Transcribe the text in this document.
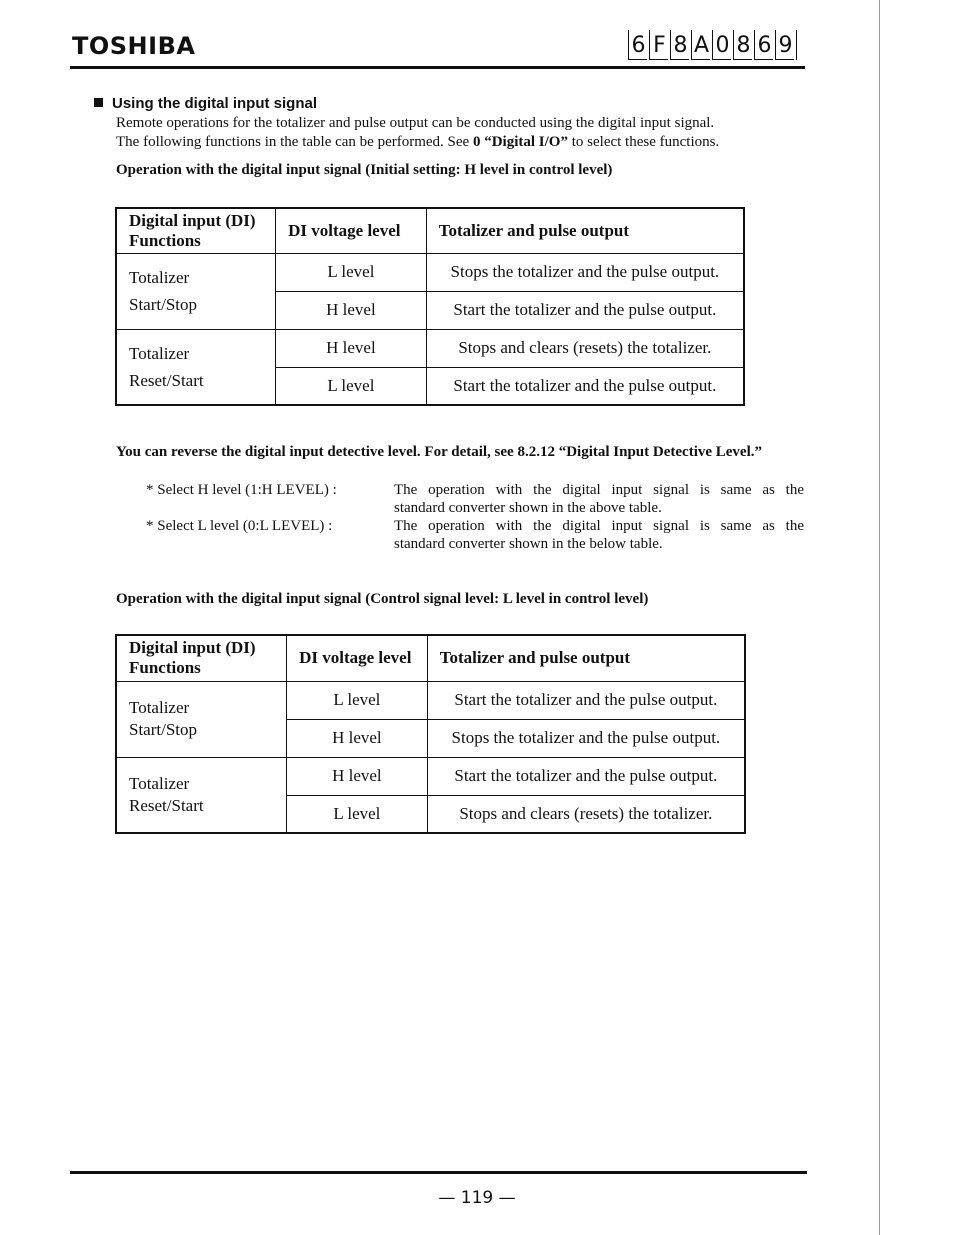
TOSHIBA	6 F 8 A 0 8 6 9
Using the digital input signal

Remote operations for the totalizer and pulse output can be conducted using the digital input signal.

The following functions in the table can be performed. See 0 “Digital I/O” to select these functions.

Operation with the digital input signal (Initial setting: H level in control level)

Digital input (DI)
Functions	DI voltage level	Totalizer and pulse output
Totalizer
Start/Stop	L level	Stops the totalizer and the pulse output.
	H level	Start the totalizer and the pulse output.
Totalizer
Reset/Start	H level	Stops and clears (resets) the totalizer.
	L level	Start the totalizer and the pulse output.
You can reverse the digital input detective level. For detail, see 8.2.12 “Digital Input Detective Level.”
* Select H level (1:H LEVEL) :	The operation with the digital input signal is same as the
standard converter shown in the above table.
* Select L level (0:L LEVEL) :	The operation with the digital input signal is same as the
standard converter shown in the below table.
Operation with the digital input signal (Control signal level: L level in control level)
Digital input (DI)
Functions	DI voltage level	Totalizer and pulse output
Totalizer
Start/Stop	L level	Start the totalizer and the pulse output.
	H level	Stops the totalizer and the pulse output.
Totalizer
Reset/Start	H level	Start the totalizer and the pulse output.
	L level	Stops and clears (resets) the totalizer.
— 119 —
